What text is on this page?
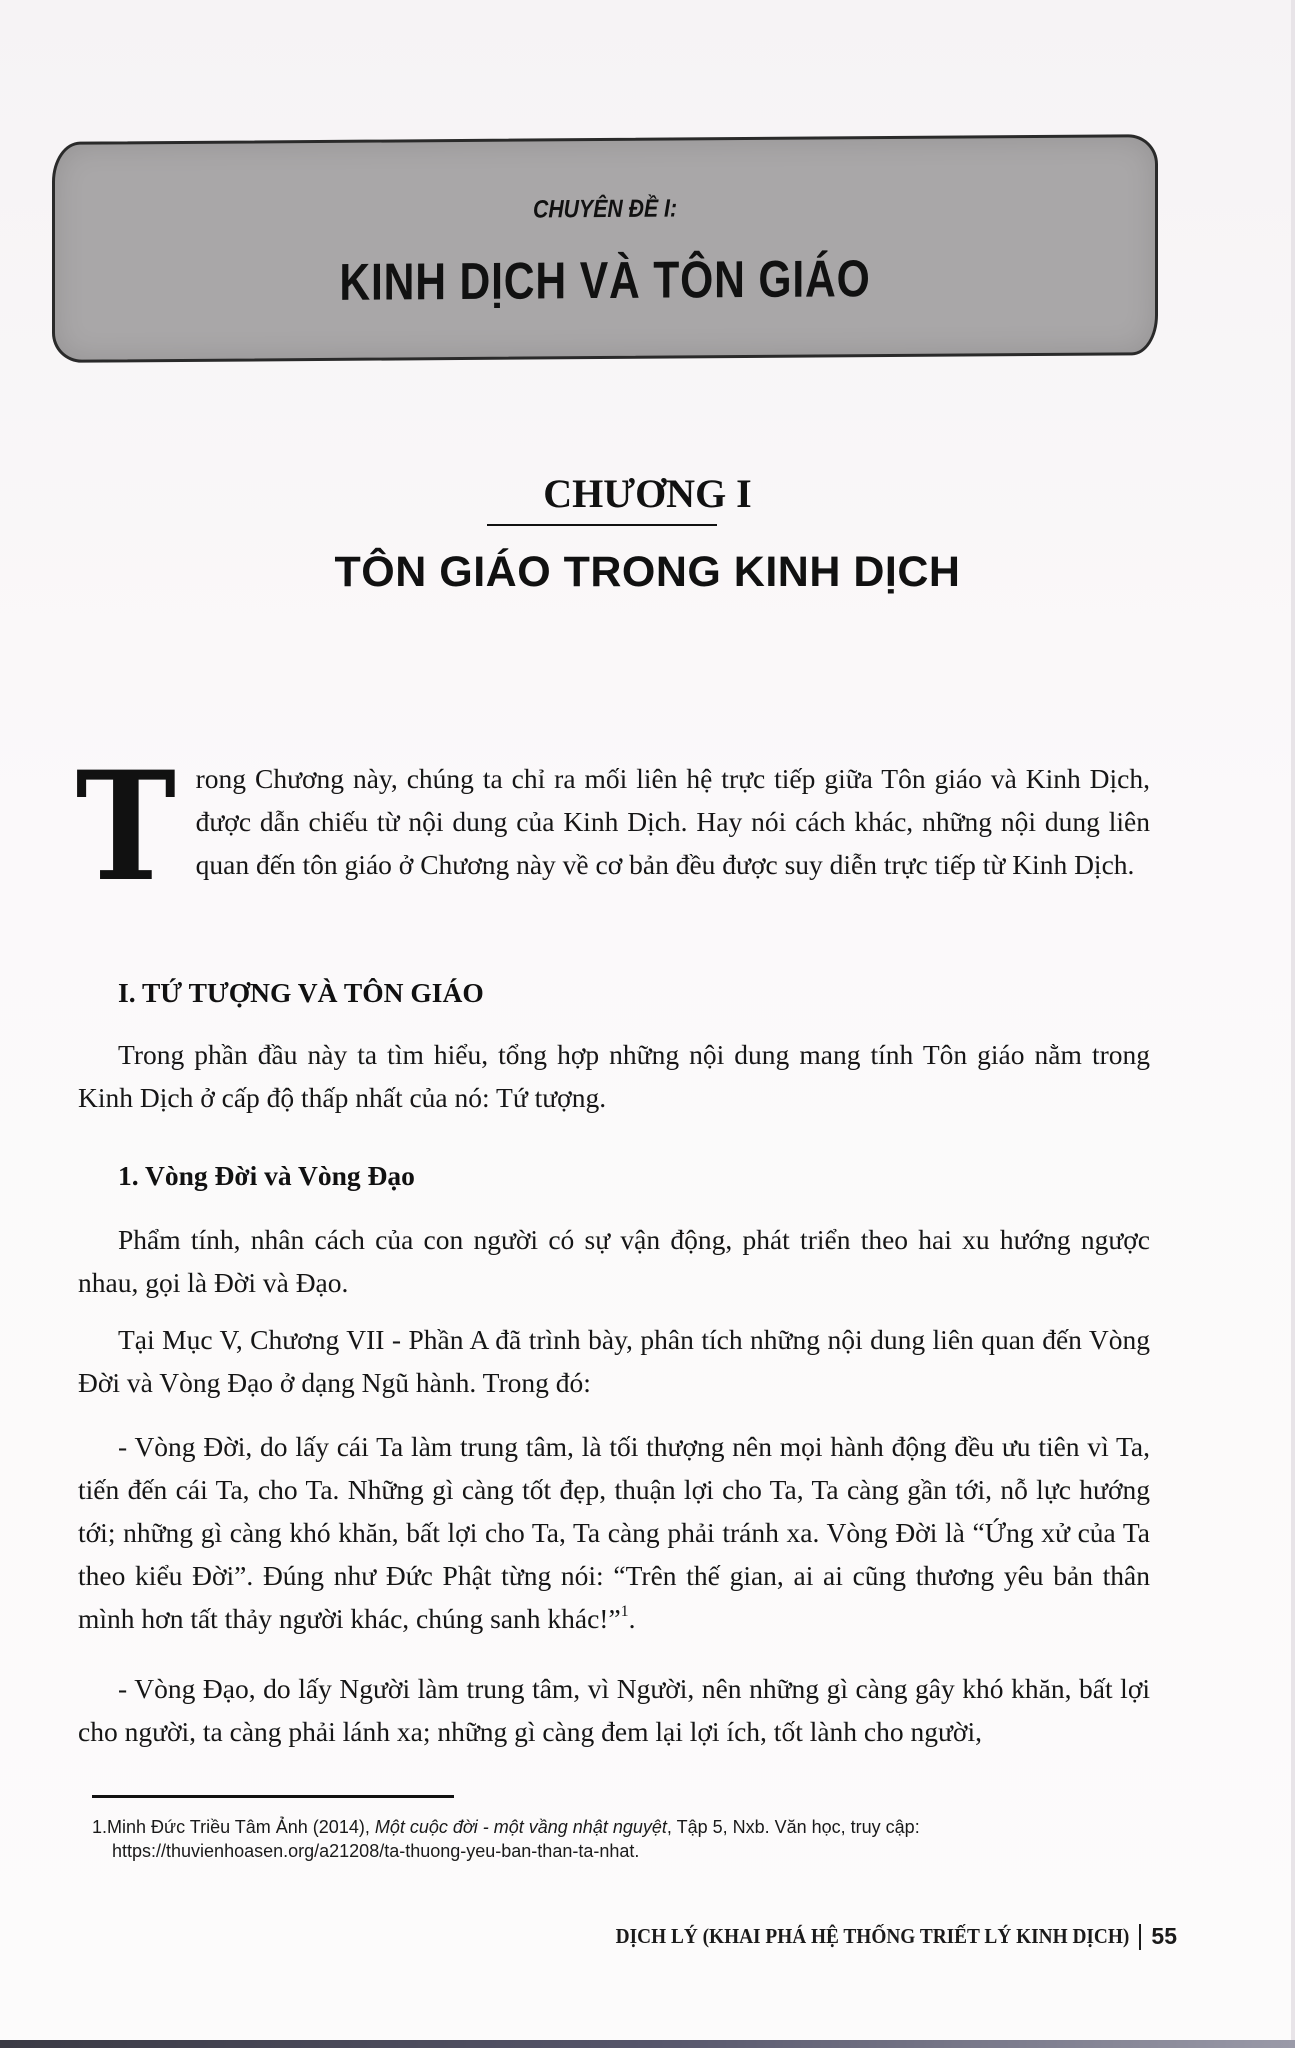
CHUYÊN ĐỀ I:
KINH DỊCH VÀ TÔN GIÁO
CHƯƠNG I
TÔN GIÁO TRONG KINH DỊCH
Trong Chương này, chúng ta chỉ ra mối liên hệ trực tiếp giữa Tôn giáo và Kinh Dịch, được dẫn chiếu từ nội dung của Kinh Dịch. Hay nói cách khác, những nội dung liên quan đến tôn giáo ở Chương này về cơ bản đều được suy diễn trực tiếp từ Kinh Dịch.
I. TỨ TƯỢNG VÀ TÔN GIÁO
Trong phần đầu này ta tìm hiểu, tổng hợp những nội dung mang tính Tôn giáo nằm trong Kinh Dịch ở cấp độ thấp nhất của nó: Tứ tượng.
1. Vòng Đời và Vòng Đạo
Phẩm tính, nhân cách của con người có sự vận động, phát triển theo hai xu hướng ngược nhau, gọi là Đời và Đạo.
Tại Mục V, Chương VII - Phần A đã trình bày, phân tích những nội dung liên quan đến Vòng Đời và Vòng Đạo ở dạng Ngũ hành. Trong đó:
- Vòng Đời, do lấy cái Ta làm trung tâm, là tối thượng nên mọi hành động đều ưu tiên vì Ta, tiến đến cái Ta, cho Ta. Những gì càng tốt đẹp, thuận lợi cho Ta, Ta càng gần tới, nỗ lực hướng tới; những gì càng khó khăn, bất lợi cho Ta, Ta càng phải tránh xa. Vòng Đời là “Ứng xử của Ta theo kiểu Đời”. Đúng như Đức Phật từng nói: “Trên thế gian, ai ai cũng thương yêu bản thân mình hơn tất thảy người khác, chúng sanh khác!”$^1$.
- Vòng Đạo, do lấy Người làm trung tâm, vì Người, nên những gì càng gây khó khăn, bất lợi cho người, ta càng phải lánh xa; những gì càng đem lại lợi ích, tốt lành cho người,
1.Minh Đức Triều Tâm Ảnh (2014), Một cuộc đời - một vầng nhật nguyệt, Tập 5, Nxb. Văn học, truy cập:
https://thuvienhoasen.org/a21208/ta-thuong-yeu-ban-than-ta-nhat.
DỊCH LÝ (KHAI PHÁ HỆ THỐNG TRIẾT LÝ KINH DỊCH) 55
